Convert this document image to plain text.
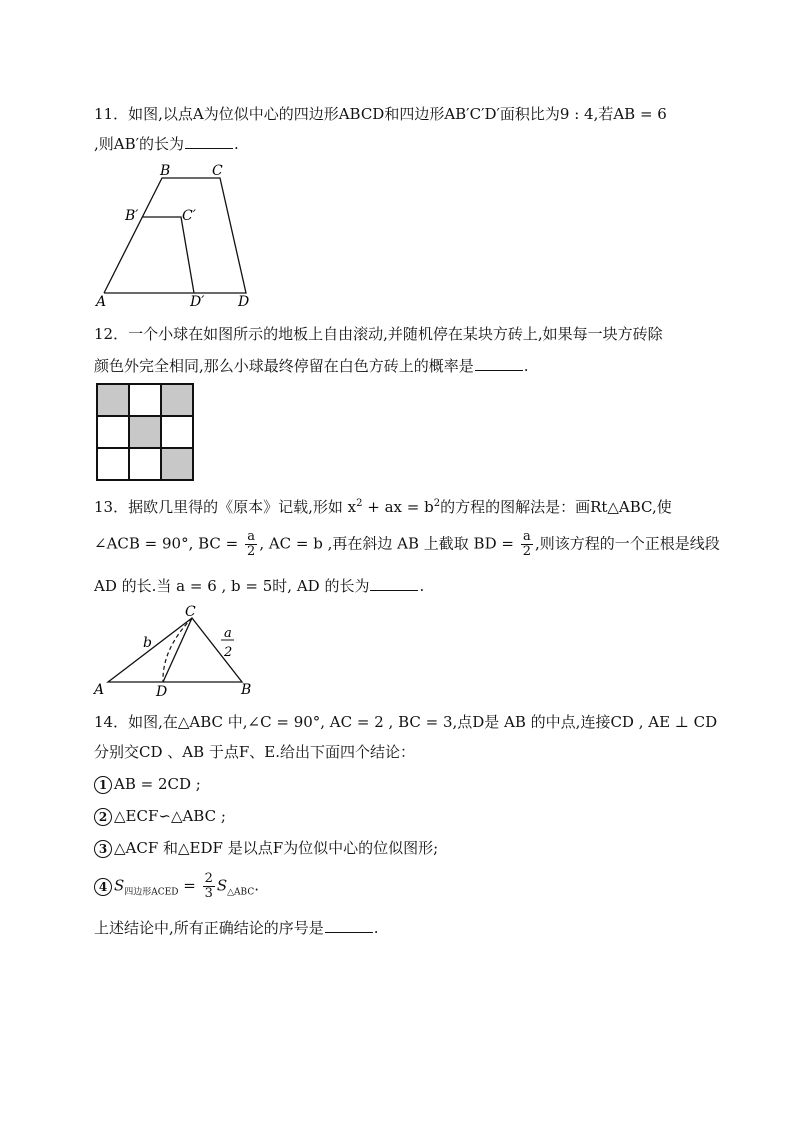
11．如图,以点A为位似中心的四边形ABCD和四边形AB′C′D′面积比为9 : 4,若AB = 6
,则AB′的长为	.
A
B	C
D
B′	C′
D′
12．一个小球在如图所示的地板上自由滚动,并随机停在某块方砖上,如果每一块方砖除
颜色外完全相同,那么小球最终停留在白色方砖上的概率是	.
13．据欧几里得的《原本》记载,形如 $x^2$ + ax = $b^2$的方程的图解法是：画Rt△ABC,使
∠ACB = 90°, BC = $\frac{a}{2}$ , AC = b ,再在斜边 AB 上截取 BD = $\frac{a}{2}$ ,则该方程的一个正根是线段
AD 的长.当 a = 6 , b = 5时, AD 的长为	.
A	B
C
D
b
a
2
14．如图,在△ABC 中,∠C = 90°, AC = 2 , BC = 3,点D是 AB 的中点,连接CD , AE ⊥ CD
分别交CD 、AB 于点F、E.给出下面四个结论：
1 AB = 2CD ;
2 △ECF∽△ABC ;
3 △ACF 和△EDF 是以点F为位似中心的位似图形;
4 $S_{四边形ACED} = \frac{2}{3} S_{\triangle ABC}$.
上述结论中,所有正确结论的序号是	.
